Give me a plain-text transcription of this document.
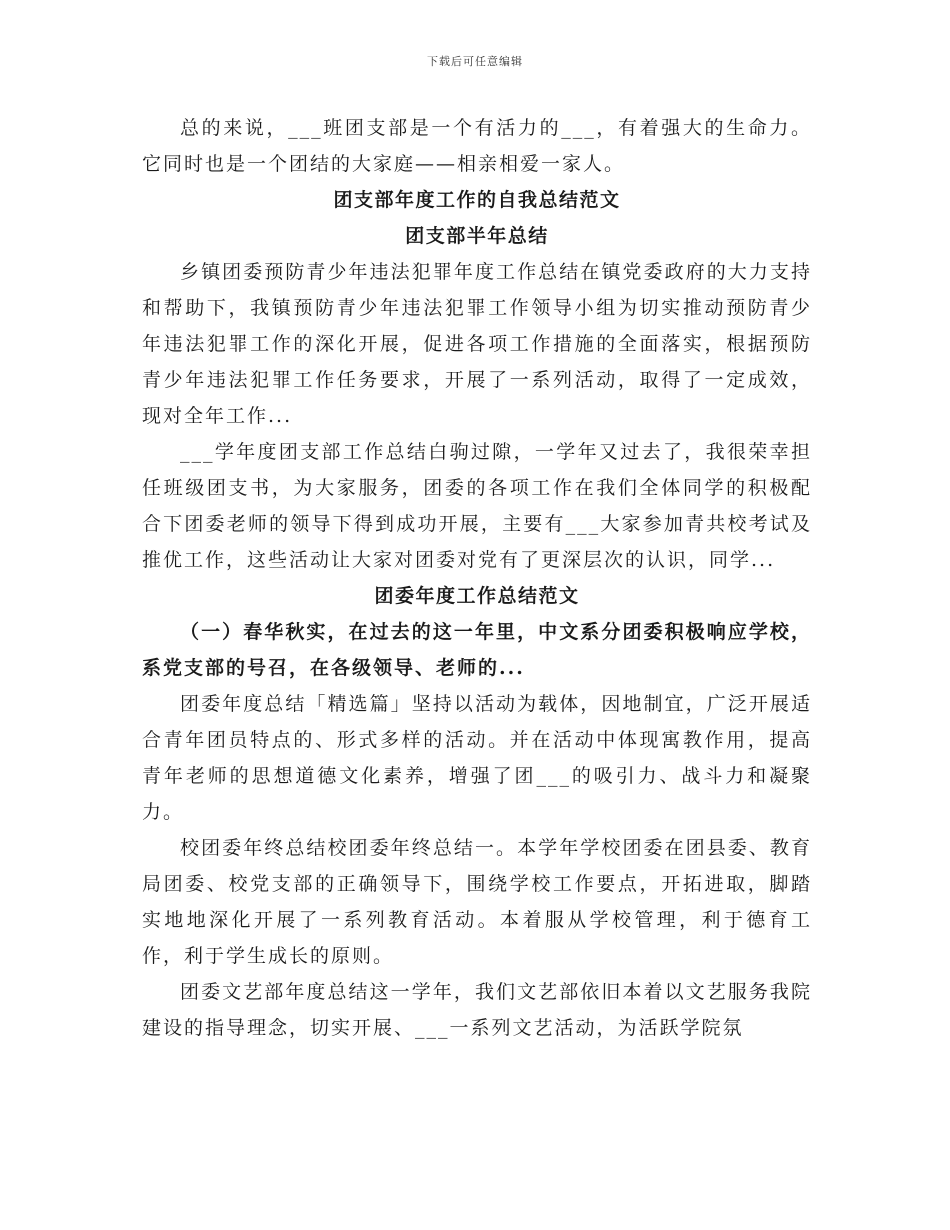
下载后可任意编辑

总的来说，___班团支部是一个有活力的___，有着强大的生命力。它同时也是一个团结的大家庭——相亲相爱一家人。

团支部年度工作的自我总结范文

团支部半年总结

乡镇团委预防青少年违法犯罪年度工作总结在镇党委政府的大力支持和帮助下，我镇预防青少年违法犯罪工作领导小组为切实推动预防青少年违法犯罪工作的深化开展，促进各项工作措施的全面落实，根据预防青少年违法犯罪工作任务要求，开展了一系列活动，取得了一定成效，现对全年工作...

___学年度团支部工作总结白驹过隙，一学年又过去了，我很荣幸担任班级团支书，为大家服务，团委的各项工作在我们全体同学的积极配合下团委老师的领导下得到成功开展，主要有___大家参加青共校考试及推优工作，这些活动让大家对团委对党有了更深层次的认识，同学...

团委年度工作总结范文

（一）春华秋实，在过去的这一年里，中文系分团委积极响应学校，系党支部的号召，在各级领导、老师的...

团委年度总结「精选篇」坚持以活动为载体，因地制宜，广泛开展适合青年团员特点的、形式多样的活动。并在活动中体现寓教作用，提高青年老师的思想道德文化素养，增强了团___的吸引力、战斗力和凝聚力。

校团委年终总结校团委年终总结一。本学年学校团委在团县委、教育局团委、校党支部的正确领导下，围绕学校工作要点，开拓进取，脚踏实地地深化开展了一系列教育活动。本着服从学校管理，利于德育工作，利于学生成长的原则。

团委文艺部年度总结这一学年，我们文艺部依旧本着以文艺服务我院建设的指导理念，切实开展、___一系列文艺活动，为活跃学院氛
